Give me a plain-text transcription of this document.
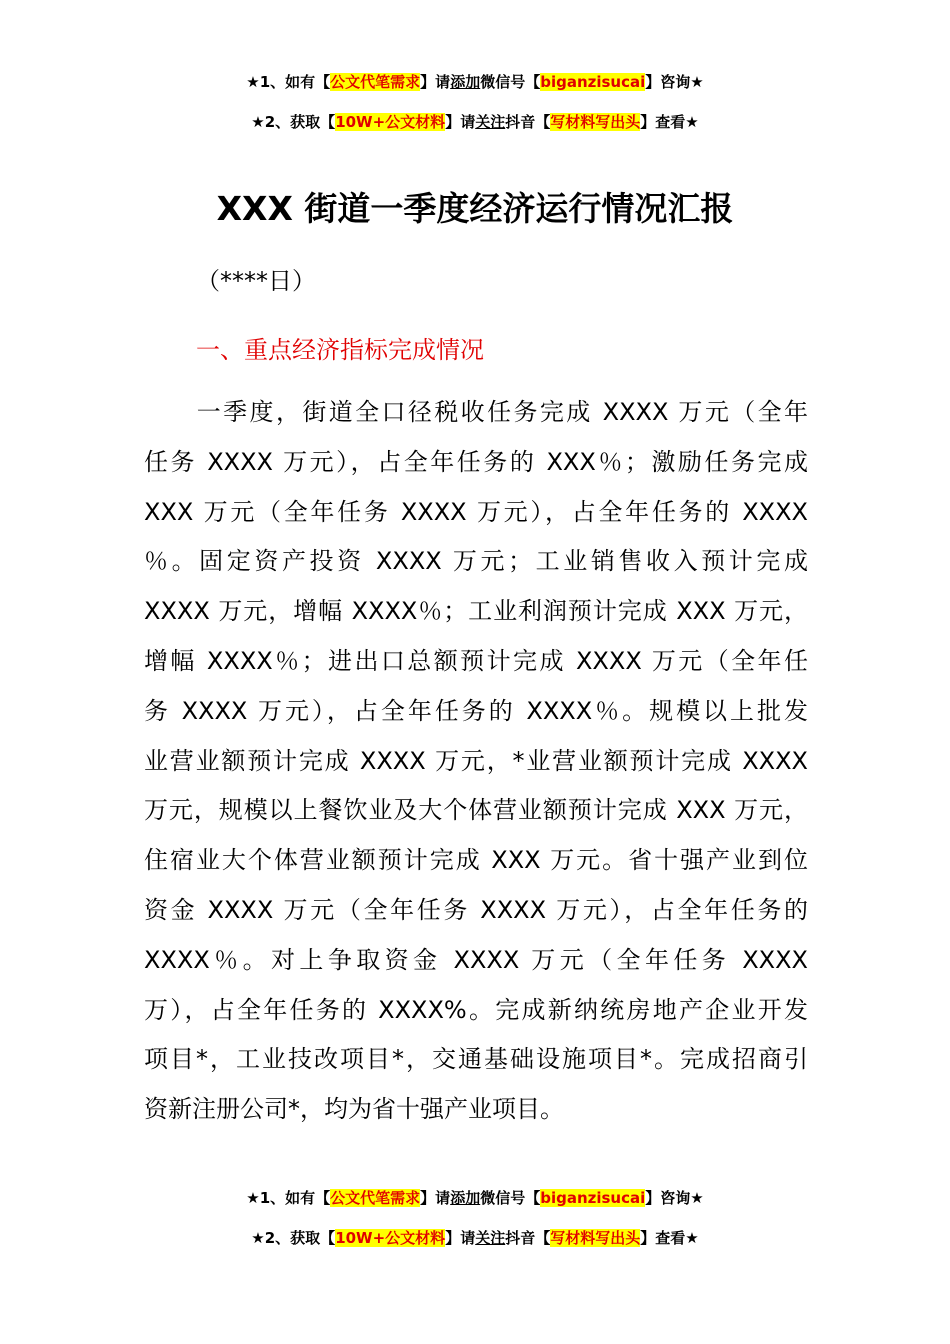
★1、如有【公文代笔需求】请添加微信号【biganzisucai】咨询★
★2、获取【10W+公文材料】请关注抖音【写材料写出头】查看★
XXX 街道一季度经济运行情况汇报
（****日）
一、重点经济指标完成情况
　　一季度，街道全口径税收任务完成 XXXX 万元（全年
任务 XXXX 万元），占全年任务的 XXX％；激励任务完成
XXX 万元（全年任务 XXXX 万元），占全年任务的 XXXX
％。固定资产投资 XXXX 万元；工业销售收入预计完成
XXXX 万元，增幅 XXXX％；工业利润预计完成 XXX 万元，
增幅 XXXX％；进出口总额预计完成 XXXX 万元（全年任
务 XXXX 万元），占全年任务的 XXXX％。规模以上批发
业营业额预计完成 XXXX 万元，*业营业额预计完成 XXXX
万元，规模以上餐饮业及大个体营业额预计完成 XXX 万元，
住宿业大个体营业额预计完成 XXX 万元。省十强产业到位
资金 XXXX 万元（全年任务 XXXX 万元），占全年任务的
XXXX％。对上争取资金 XXXX 万元（全年任务 XXXX
万），占全年任务的 XXXX%。完成新纳统房地产企业开发
项目*，工业技改项目*，交通基础设施项目*。完成招商引
资新注册公司*，均为省十强产业项目。
★1、如有【公文代笔需求】请添加微信号【biganzisucai】咨询★
★2、获取【10W+公文材料】请关注抖音【写材料写出头】查看★
